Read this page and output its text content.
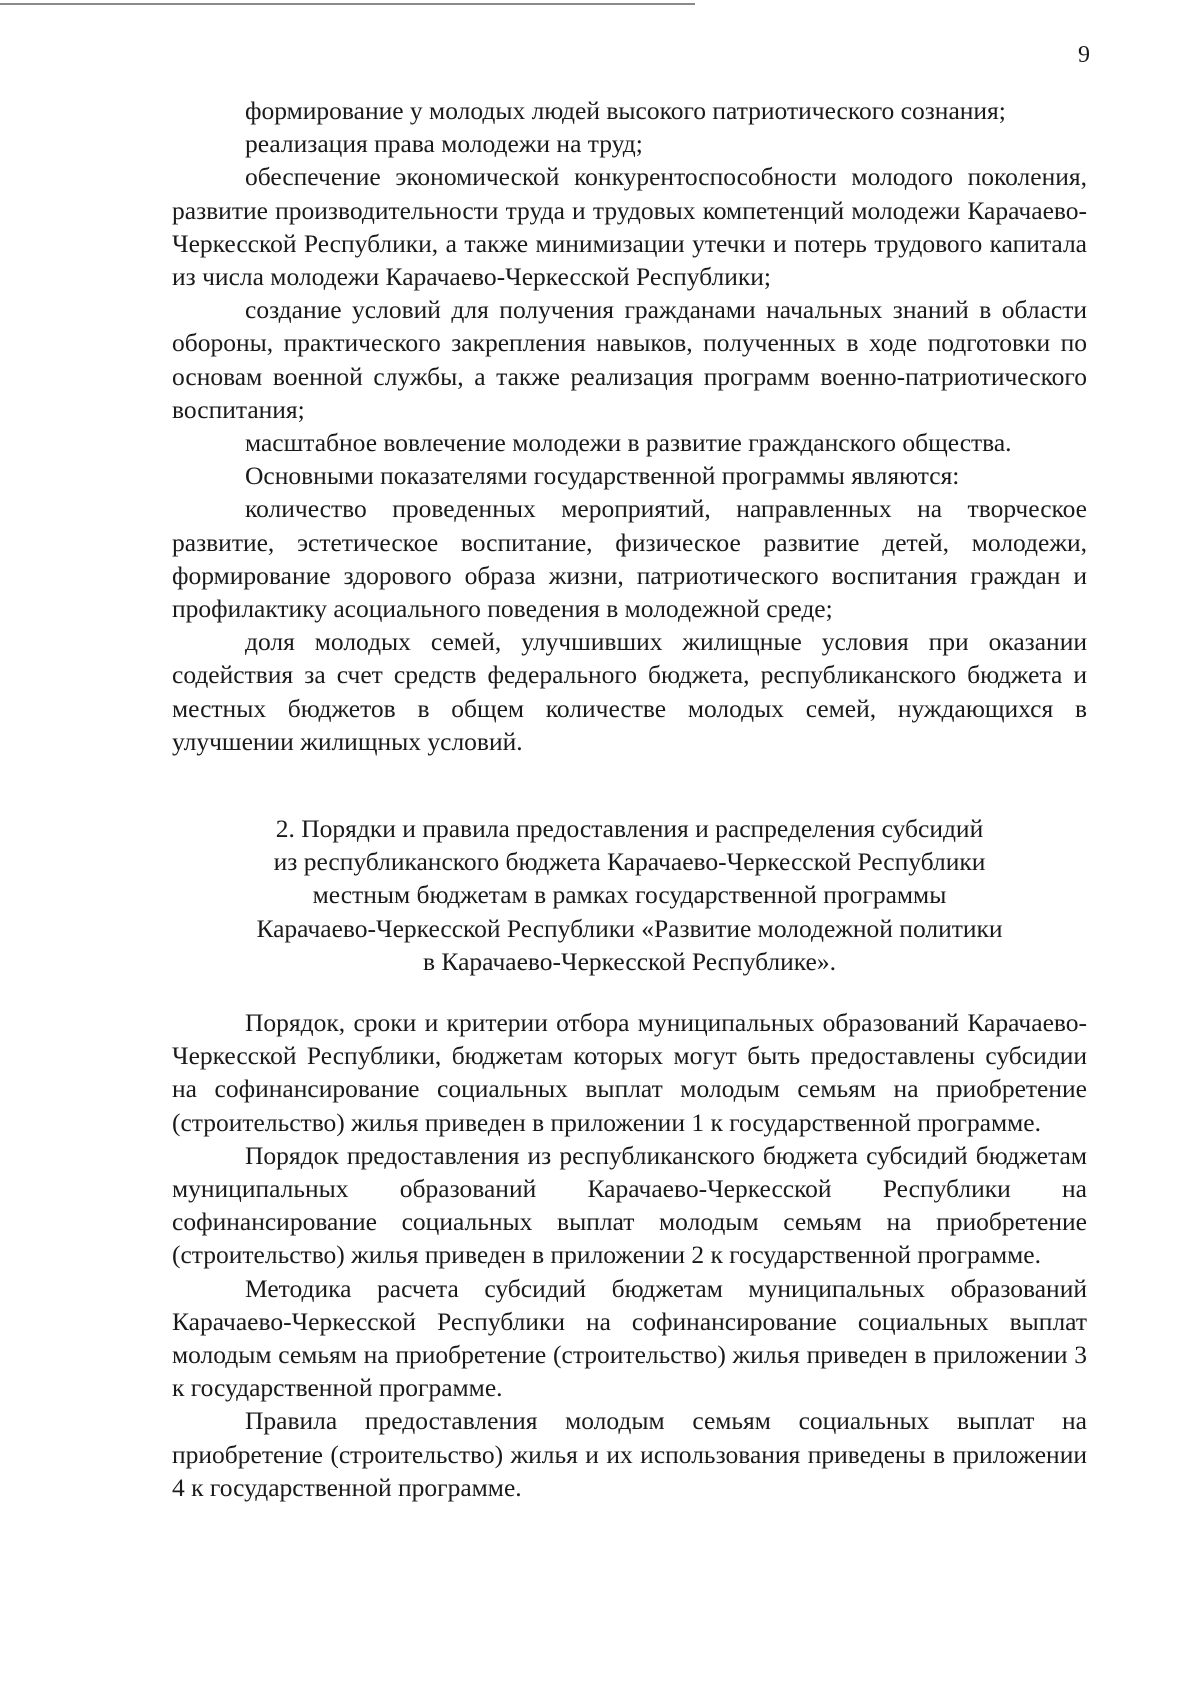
9

формирование у молодых людей высокого патриотического сознания;

реализация права молодежи на труд;

обеспечение экономической конкурентоспособности молодого поколения, развитие производительности труда и трудовых компетенций молодежи Карачаево-Черкесской Республики, а также минимизации утечки и потерь трудового капитала из числа молодежи Карачаево-Черкесской Республики;

создание условий для получения гражданами начальных знаний в области обороны, практического закрепления навыков, полученных в ходе подготовки по основам военной службы, а также реализация программ военно-патриотического воспитания;

масштабное вовлечение молодежи в развитие гражданского общества.

Основными показателями государственной программы являются:

количество проведенных мероприятий, направленных на творческое развитие, эстетическое воспитание, физическое развитие детей, молодежи, формирование здорового образа жизни, патриотического воспитания граждан и профилактику асоциального поведения в молодежной среде;

доля молодых семей, улучшивших жилищные условия при оказании содействия за счет средств федерального бюджета, республиканского бюджета и местных бюджетов в общем количестве молодых семей, нуждающихся в улучшении жилищных условий.

2. Порядки и правила предоставления и распределения субсидий
из республиканского бюджета Карачаево-Черкесской Республики
местным бюджетам в рамках государственной программы
Карачаево-Черкесской Республики «Развитие молодежной политики
в Карачаево-Черкесской Республике».

Порядок, сроки и критерии отбора муниципальных образований Карачаево-Черкесской Республики, бюджетам которых могут быть предоставлены субсидии на софинансирование социальных выплат молодым семьям на приобретение (строительство) жилья приведен в приложении 1 к государственной программе.

Порядок предоставления из республиканского бюджета субсидий бюджетам муниципальных образований Карачаево-Черкесской Республики на софинансирование социальных выплат молодым семьям на приобретение (строительство) жилья приведен в приложении 2 к государственной программе.

Методика расчета субсидий бюджетам муниципальных образований Карачаево-Черкесской Республики на софинансирование социальных выплат молодым семьям на приобретение (строительство) жилья приведен в приложении 3 к государственной программе.

Правила предоставления молодым семьям социальных выплат на приобретение (строительство) жилья и их использования приведены в приложении 4 к государственной программе.
